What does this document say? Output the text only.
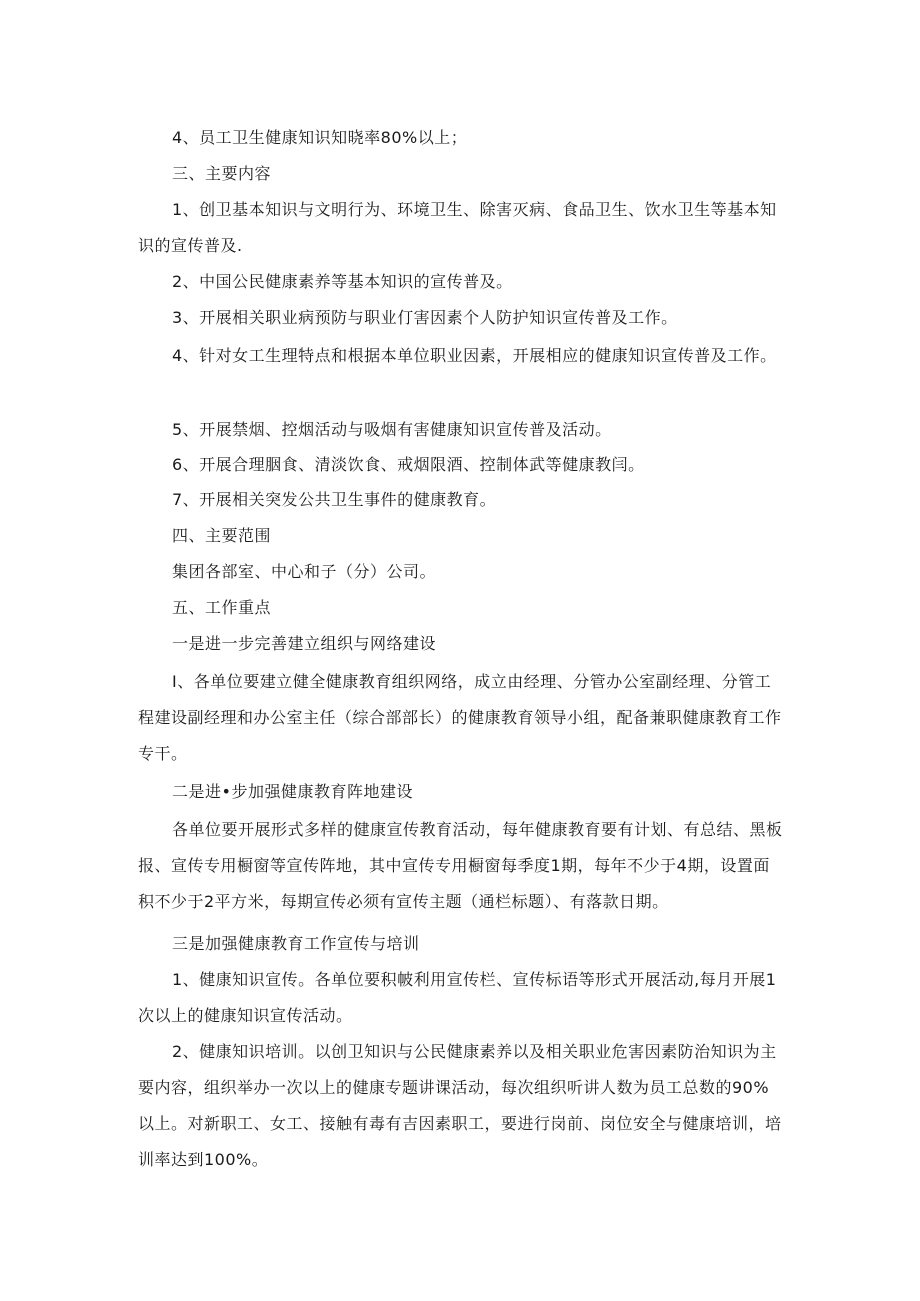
4、员工卫生健康知识知晓率80%以上；

三、主要内容

1、创卫基本知识与文明行为、环境卫生、除害灭病、食品卫生、饮水卫生等基本知识的宣传普及.

2、中国公民健康素养等基本知识的宣传普及。

3、开展相关职业病预防与职业仃害因素个人防护知识宣传普及工作。

4、针对女工生理特点和根据本单位职业因素，开展相应的健康知识宣传普及工作。

5、开展禁烟、控烟活动与吸烟有害健康知识宣传普及活动。

6、开展合理胭食、清淡饮食、戒烟限酒、控制体武等健康教闫。

7、开展相关突发公共卫生事件的健康教育。

四、主要范围

集团各部室、中心和子（分）公司。

五、工作重点

一是进一步完善建立组织与网络建设

I、各单位要建立健全健康教育组织网络，成立由经理、分管办公室副经理、分管工程建设副经理和办公室主任（综合部部长）的健康教育领导小组，配备兼职健康教育工作专干。

二是进•步加强健康教育阵地建设

各单位要开展形式多样的健康宣传教育活动，每年健康教育要有计划、有总结、黑板报、宣传专用橱窗等宣传阵地，其中宣传专用橱窗每季度1期，每年不少于4期，设置面积不少于2平方米，每期宣传必须有宣传主题（通栏标题）、有落款日期。

三是加强健康教育工作宣传与培训

1、健康知识宣传。各单位要积帔利用宣传栏、宣传标语等形式开展活动,每月开展1次以上的健康知识宣传活动。

2、健康知识培训。以创卫知识与公民健康素养以及相关职业危害因素防治知识为主要内容，组织举办一次以上的健康专题讲课活动，每次组织听讲人数为员工总数的90%以上。对新职工、女工、接触有毒有吉因素职工，要进行岗前、岗位安全与健康培训，培训率达到100%。
